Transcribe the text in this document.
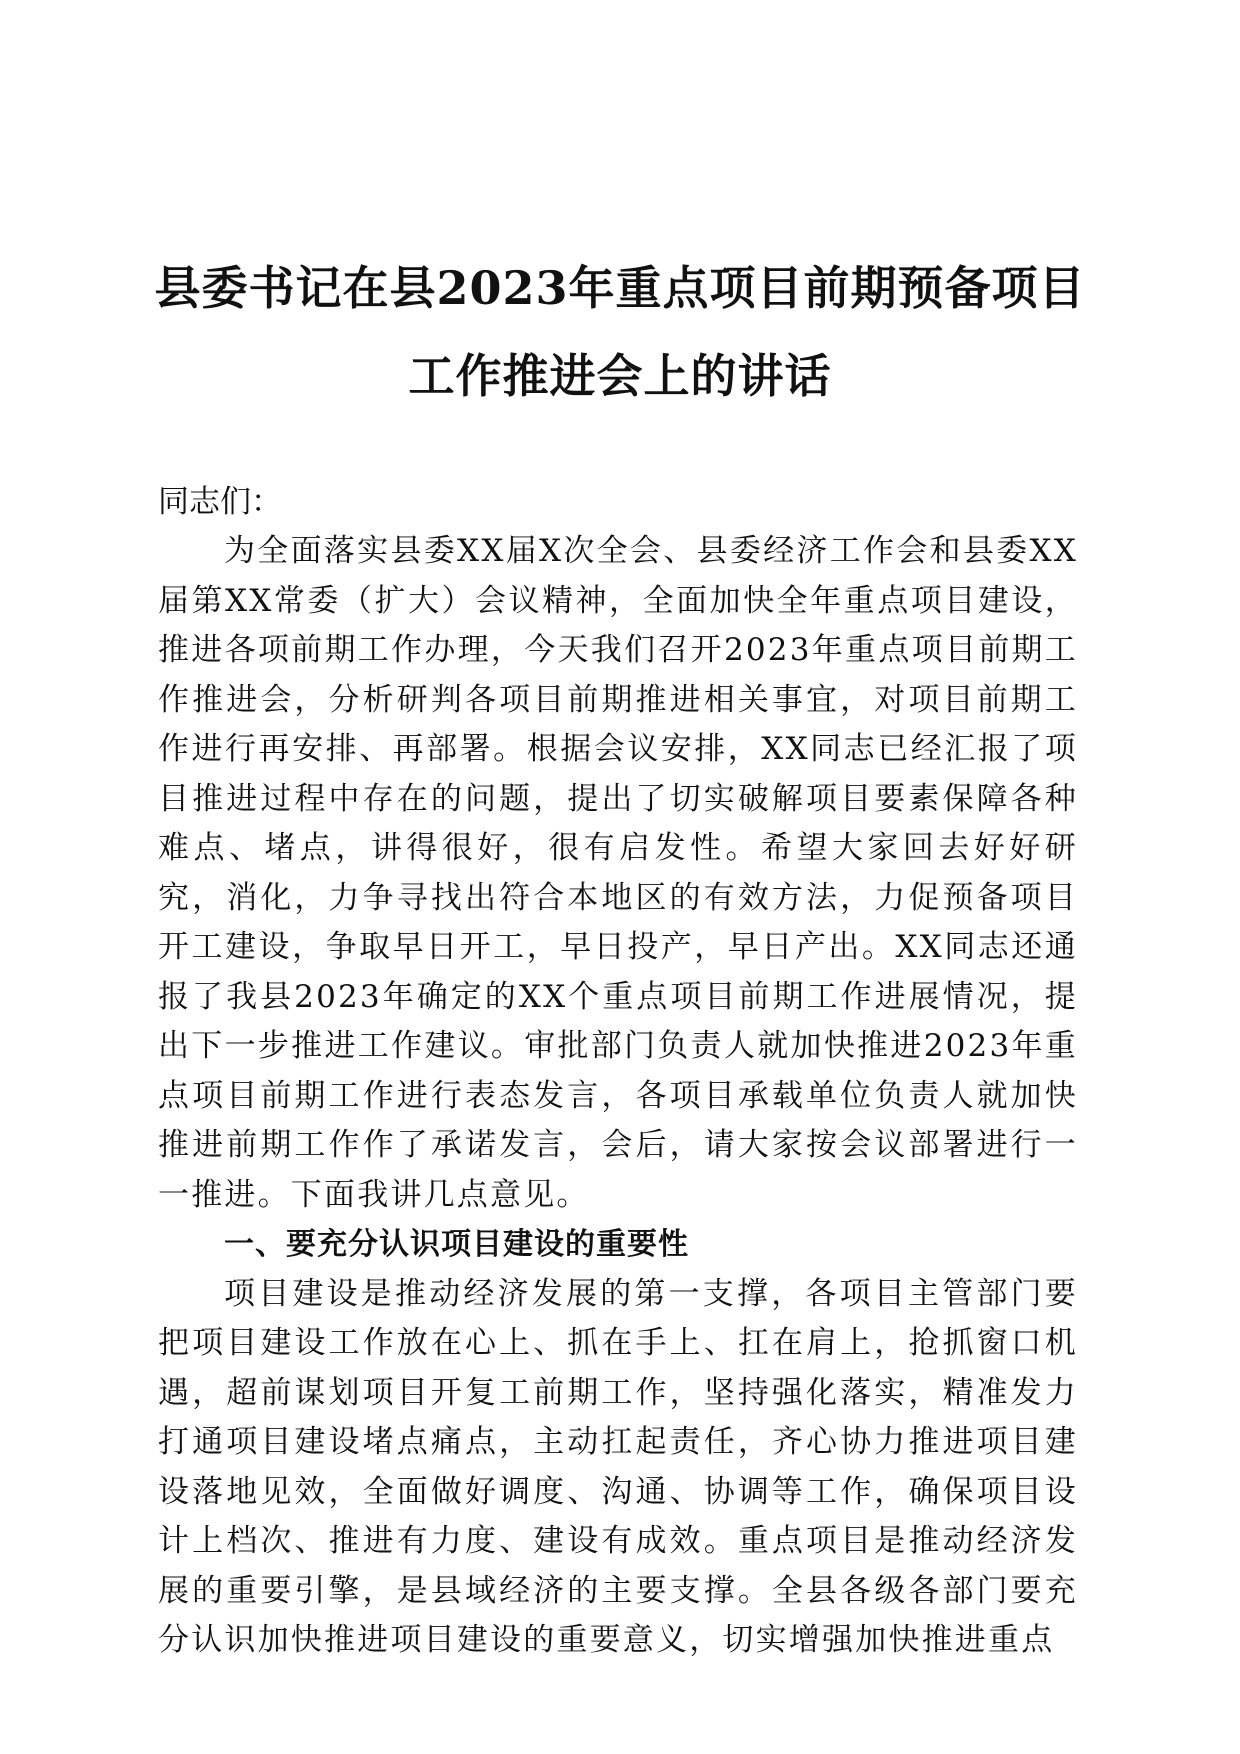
县委书记在县2023年重点项目前期预备项目
工作推进会上的讲话
同志们：

为全面落实县委XX届X次全会、县委经济工作会和县委XX届第XX常委（扩大）会议精神，全面加快全年重点项目建设，推进各项前期工作办理，今天我们召开2023年重点项目前期工作推进会，分析研判各项目前期推进相关事宜，对项目前期工作进行再安排、再部署。根据会议安排，XX同志已经汇报了项目推进过程中存在的问题，提出了切实破解项目要素保障各种难点、堵点，讲得很好，很有启发性。希望大家回去好好研究，消化，力争寻找出符合本地区的有效方法，力促预备项目开工建设，争取早日开工，早日投产，早日产出。XX同志还通报了我县2023年确定的XX个重点项目前期工作进展情况，提出下一步推进工作建议。审批部门负责人就加快推进2023年重点项目前期工作进行表态发言，各项目承载单位负责人就加快推进前期工作作了承诺发言，会后，请大家按会议部署进行一一推进。下面我讲几点意见。

一、要充分认识项目建设的重要性

项目建设是推动经济发展的第一支撑，各项目主管部门要把项目建设工作放在心上、抓在手上、扛在肩上，抢抓窗口机遇，超前谋划项目开复工前期工作，坚持强化落实，精准发力打通项目建设堵点痛点，主动扛起责任，齐心协力推进项目建设落地见效，全面做好调度、沟通、协调等工作，确保项目设计上档次、推进有力度、建设有成效。重点项目是推动经济发展的重要引擎，是县域经济的主要支撑。全县各级各部门要充分认识加快推进项目建设的重要意义，切实增强加快推进重点
